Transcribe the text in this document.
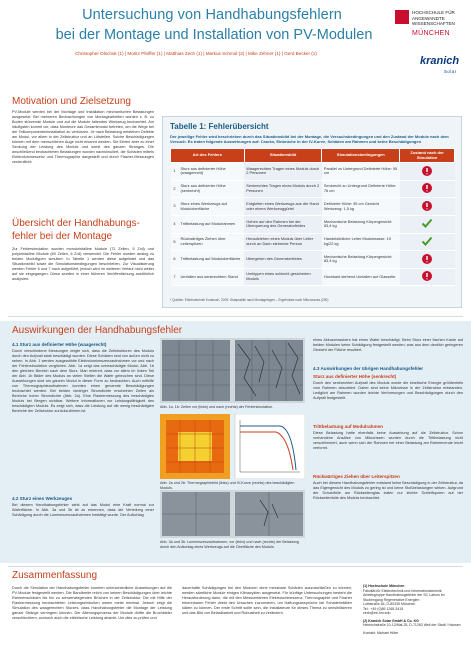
Untersuchung von Handhabungsfehlern
bei der Montage und Installation von PV-Modulen
Christopher Olschok (1) | Moritz Pfeiffer (1) | Matthias Zech (1) | Markus Schmid (2) | Mike Zehner (1) | Gerd Becker (1)
HOCHSCHULE FÜR ANGEWANDTE WISSENSCHAFTEN
MÜNCHEN
kranich
Solar
Motivation und Zielsetzung
PV-Module werden bei der Montage und Installation mechanischen Belastungen ausgesetzt. Bei mehreren Beobachtungen von Montagearbeiten wurden z. B. zu Boden stürzende Module und auf die Module fallendes Werkzeug beobachtet. Am häufigsten kommt vor, dass Monteure das Gesamtmodul betreten, um die Wege bei der Teilkomponenteninstallation zu verkürzen. Je nach Belastung entstehen Defekte am Modul, vor allem in der Zellstruktur und an Lötstellen. Solche Beschädigungen können mit dem menschlichen Auge nicht erkannt werden. Sie führen aber zu einer Senkung der Leistung des Moduls und somit des ganzen Stranges. Die anschließend beobachteten Belastungen wurden nachsimuliert, die Schäden mittels Elektrolumineszenz und Thermographie dargestellt und durch Flasher-Messungen verdeutlicht.
Übersicht der Handhabungs-
fehler bei der Montage
Zur Fehlersimulation wurden monokristalline Module (72 Zellen, 5 Zoll) und polykristalline Module (60 Zellen, 6 Zoll) verwendet. Die Fehler wurden analog zu beiden Modultypen simuliert. In Tabelle 1 werden diese aufgelistet und das Situationsbild sowie die Simulationsbedingungen beschrieben. Zur Visualisierung werden Fehler 6 und 7 nach aufgeführt, jedoch wird im weiteren Verlauf nicht weiter auf sie eingegangen. Diese wurden in einer früheren Veröffentlichung ausführlich analysiert.
Tabelle 1: Fehlerübersicht
Der jeweilige Fehler wird beschrieben durch das Situationsbild bei der Montage, die Versuchsbedingungen und den Zustand der Module nach dem Versuch. Es traten folgende Auswirkungen auf: Cracks, Einbrüche in der IV-Kurve, Schäden am Rahmen und keine Beschädigungen
Art des Fehlers		Situationsbild	Simulationsbedingungen	Zustand nach der Simulation
1	Sturz aus definierter Höhe (waagerecht)	Waagerechtes Tragen eines Moduls durch 2 Personen	Parallel zu Untergrund Definierte Höhe: 95 cm	
2	Sturz aus definierter Höhe (senkrecht)	Senkrechtes Tragen eines Moduls durch 2 Personen	Senkrecht zu Untergrund Definierte Höhe: 76 cm	
3	Sturz eines Werkzeugs auf Moduloberfläche	Entgleiten eines Werkzeugs aus der Hand oder einem Werkzeuggürtel	Definierte Höhe: 95 cm Gewicht Werkzeug: 1,5 kg	
4	Trittbelastung auf Modulrahmen	Gehen auf den Rahmen bei der Überquerung des Generatorfeldes	Mechanische Belastung Körpergewicht: 83,4 kg	
5	Rückwärtiges Ziehen über Leiterspitzen	Heraufziehen eines Moduls über Leiter durch an Dach stehende Person	Handelsübliche Leiter Modulmasse: 19 kg/22 kg	
6	Trittbelastung auf Moduloberfläche	Übergehen des Generatorfeldes	Mechanische Belastung Körpergewicht: 83,4 kg	
7	Umfallen aus senkrechtem Stand	Umkippen eines schlecht gesicherten Moduls	Hochkant stehend Umfallen auf Glasseite	
* Quellen: Elektrotechnik Kursbuch, 2009; Glaspraktik nach Montagetagen – Ergebnisse nach Mikrocracks (290)
Auswirkungen der Handhabungsfehler
4.1 Sturz aus definierter Höhe (waagerecht)
Durch verschiedene Messungen zeigte sich, dass die Zellstrukturen des Moduls durch den Aufprall stark beschädigt wurden. Diese Schäden sind von außen nicht zu sehen. In Abb. 1 werden ausgewählte Elektrolumineszenzaufnahmen vor und nach der Fehlersimulation verglichen. Abb. 1a zeigt das unbeschädigte Modul, Abb. 1b den gleichen Bereich nach dem Sturz. Man erkennt, dass vor allem im linken Teil der Abb. 1b Bilder des Moduls an vielen Stellen die Wafer gebrochen sind. Diese Auswirkungen sind am ganzen Modul in dieser Form zu beobachten. Auch mithilfe von Thermographieaufnahmen konnten einen genannte Beschädigungen beobachtet werden. Bei beiden niedriger Stromdichte erscheinen Zellen als Bereiche hoher Stromdichte (Abb. 2a). Eine Flashermessung des beschädigten Moduls bei Bergen sichtbar. Weitere Informationen zur Leistungsfähigkeit des beschädigten Moduls. Es zeigt sich, dass die Leistung auf die wenig beschädigten Bereiche der Zellstruktur zurückzuführen ist.
4.2 Sturz eines Werkzeuges
Bei diesem Handhabungsfehler wirkt auf das Modul eine Kraft normal zur Waferfläche. In Abb. 3a und 3b ist zu erkennen, dass die Verteilung einer Schädigung durch die Lumineszenzaufnahmen bestätigt wurde. Der Aufschlag
Abb. 1a, 1b: Zellen vor (links) und nach (rechts) der Fehlersimulation.
Abb. 2a und 2b: Thermographiebild (links) und IV-Kurve (rechts) des beschädigten Moduls.
Abb. 3a und 3b: Lumineszenzaufnahmen, vor (links) und nach (rechts) der Belastung durch den Aufschlag eines Werkzeugs auf die Oberfläche des Moduls.
eines Akkuschraubers hat einen Wafer beschädigt. Beim Sturz einer flachen Kante auf beiden Modulen keine Schädigung festgestellt werden, was aus dem deutlich geringeren Gewicht der Fläche resultiert.
4.3 Auswirkungen der übrigen Handhabungsfehler
Sturz aus definierter Höhe (senkrecht)
Durch den senkrechten Aufprall des Moduls wurde die kinetische Energie größtenteils vom Rahmen absorbiert. Daher sind keine Mikrorisse in der Zellstruktur entstanden. Lediglich am Rahmen wurden leichte Verformungen und Beschädigungen durch den Aufprall festgestellt.
Trittbelastung auf Modulrahmen
Diese Belastung hatte ebenfalls keine Auswirkung auf die Zellstruktur. Schon vorhandene Ansätze von Mikrorissen wurden durch die Trittbelastung nicht verschlimmert, auch wenn sich der Rahmen bei einer Belastung am Rahmenende leicht verformt.
Rückwärtiges Ziehen über Leiterspitzen
Auch bei diesem Handhabungsfehler entstand keine Beschädigung in der Zellstruktur, da das Eigengewicht des Moduls zu gering ist und keine Stoßbelastungen wirken. Aufgrund der Schutzfolie am Rückseitenglas traten nur leichte Schleifspuren auf der Rückseitenfolie des Moduls beobachtet.
Zusammenfassung
Durch die Simulation der Handhabungsfehler konnten unterschiedliche Auswirkungen auf die PV-Module festgestellt werden. Die Bandbreite reicht von keinen Beschädigungen über leichte Rahmenschäden bis hin zu schwerwiegenden Brüchen in der Zellstruktur. Die mit Hilfe der Flashermessung beobachteten Leistungseinbußen waren meist minimal. Jedoch zeigt die Simulation des waagerechten Sturzes, dass Handhabungsfehler die Montage der Leistung ganzer Stränge verringern können. Der Alterungsprozess der Module dürfte die Bruchbilder verschlechtern, wodurch auch die elektrische Leistung absinkt. Um dies zu prüfen und
dauerhafte Schädigungen bei den Modulen ohne messbare Schäden auszuschließen zu können, werden sämtliche Module einigen Klimazyklen ausgesetzt. Für künftige Untersuchungen besteht die Herausforderung darin, die mit den Messverfahren Elektrolumineszenz, Thermographie und Flasher erkennbaren Fehler direkt den Ursachen zuzuordnen, um Haftungsansprüche bei Schadensfällen klären zu können. Der erste Schritt sollte sein, die Installateure für dieses Thema zu sensibilisieren und das Bild von Belastbarkeit und Robustheit zu verändern.
(1) Hochschule München
Fakultät für Elektrotechnik und Informationstechnik
Arbeitsgruppe Handhabungsfehler der SC Labors im
Studiengang Regenerative Energien
Lothstraße 64, D-80335 München
Tel.: +49 (0)89 1265-3415
zech@ee.hm.edu
(2) Kranich Solar GmbH & Co. KG
Heinrichstraße 10-12/Mai-25, D-71263 Weil der Stadt / Hausen
Kontakt: Michael Hüter
